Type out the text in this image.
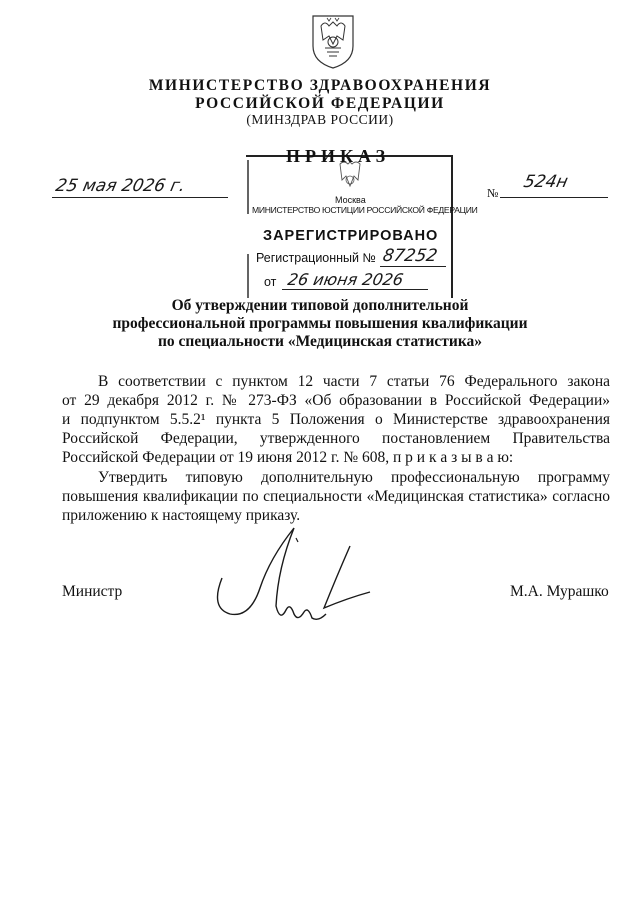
МИНИСТЕРСТВО ЗДРАВООХРАНЕНИЯ
РОССИЙСКОЙ ФЕДЕРАЦИИ
(МИНЗДРАВ РОССИИ)
Москва
МИНИСТЕРСТВО ЮСТИЦИИ РОССИЙСКОЙ ФЕДЕРАЦИИ
ЗАРЕГИСТРИРОВАНО
Регистрационный № 87252
от 26 июня 2026
ПРИКАЗ
25 мая 2026 г.	№
524н
Об утверждении типовой дополнительной
профессиональной программы повышения квалификации
по специальности «Медицинская статистика»
В соответствии с пунктом 12 части 7 статьи 76 Федерального закона
от 29 декабря 2012 г. № 273-ФЗ «Об образовании в Российской Федерации»
и подпунктом 5.5.2¹ пункта 5 Положения о Министерстве здравоохранения
Российской Федерации, утвержденного постановлением Правительства
Российской Федерации от 19 июня 2012 г. № 608, п р и к а з ы в а ю:
Утвердить типовую дополнительную профессиональную программу
повышения квалификации по специальности «Медицинская статистика» согласно
приложению к настоящему приказу.
Министр	М.А. Мурашко
